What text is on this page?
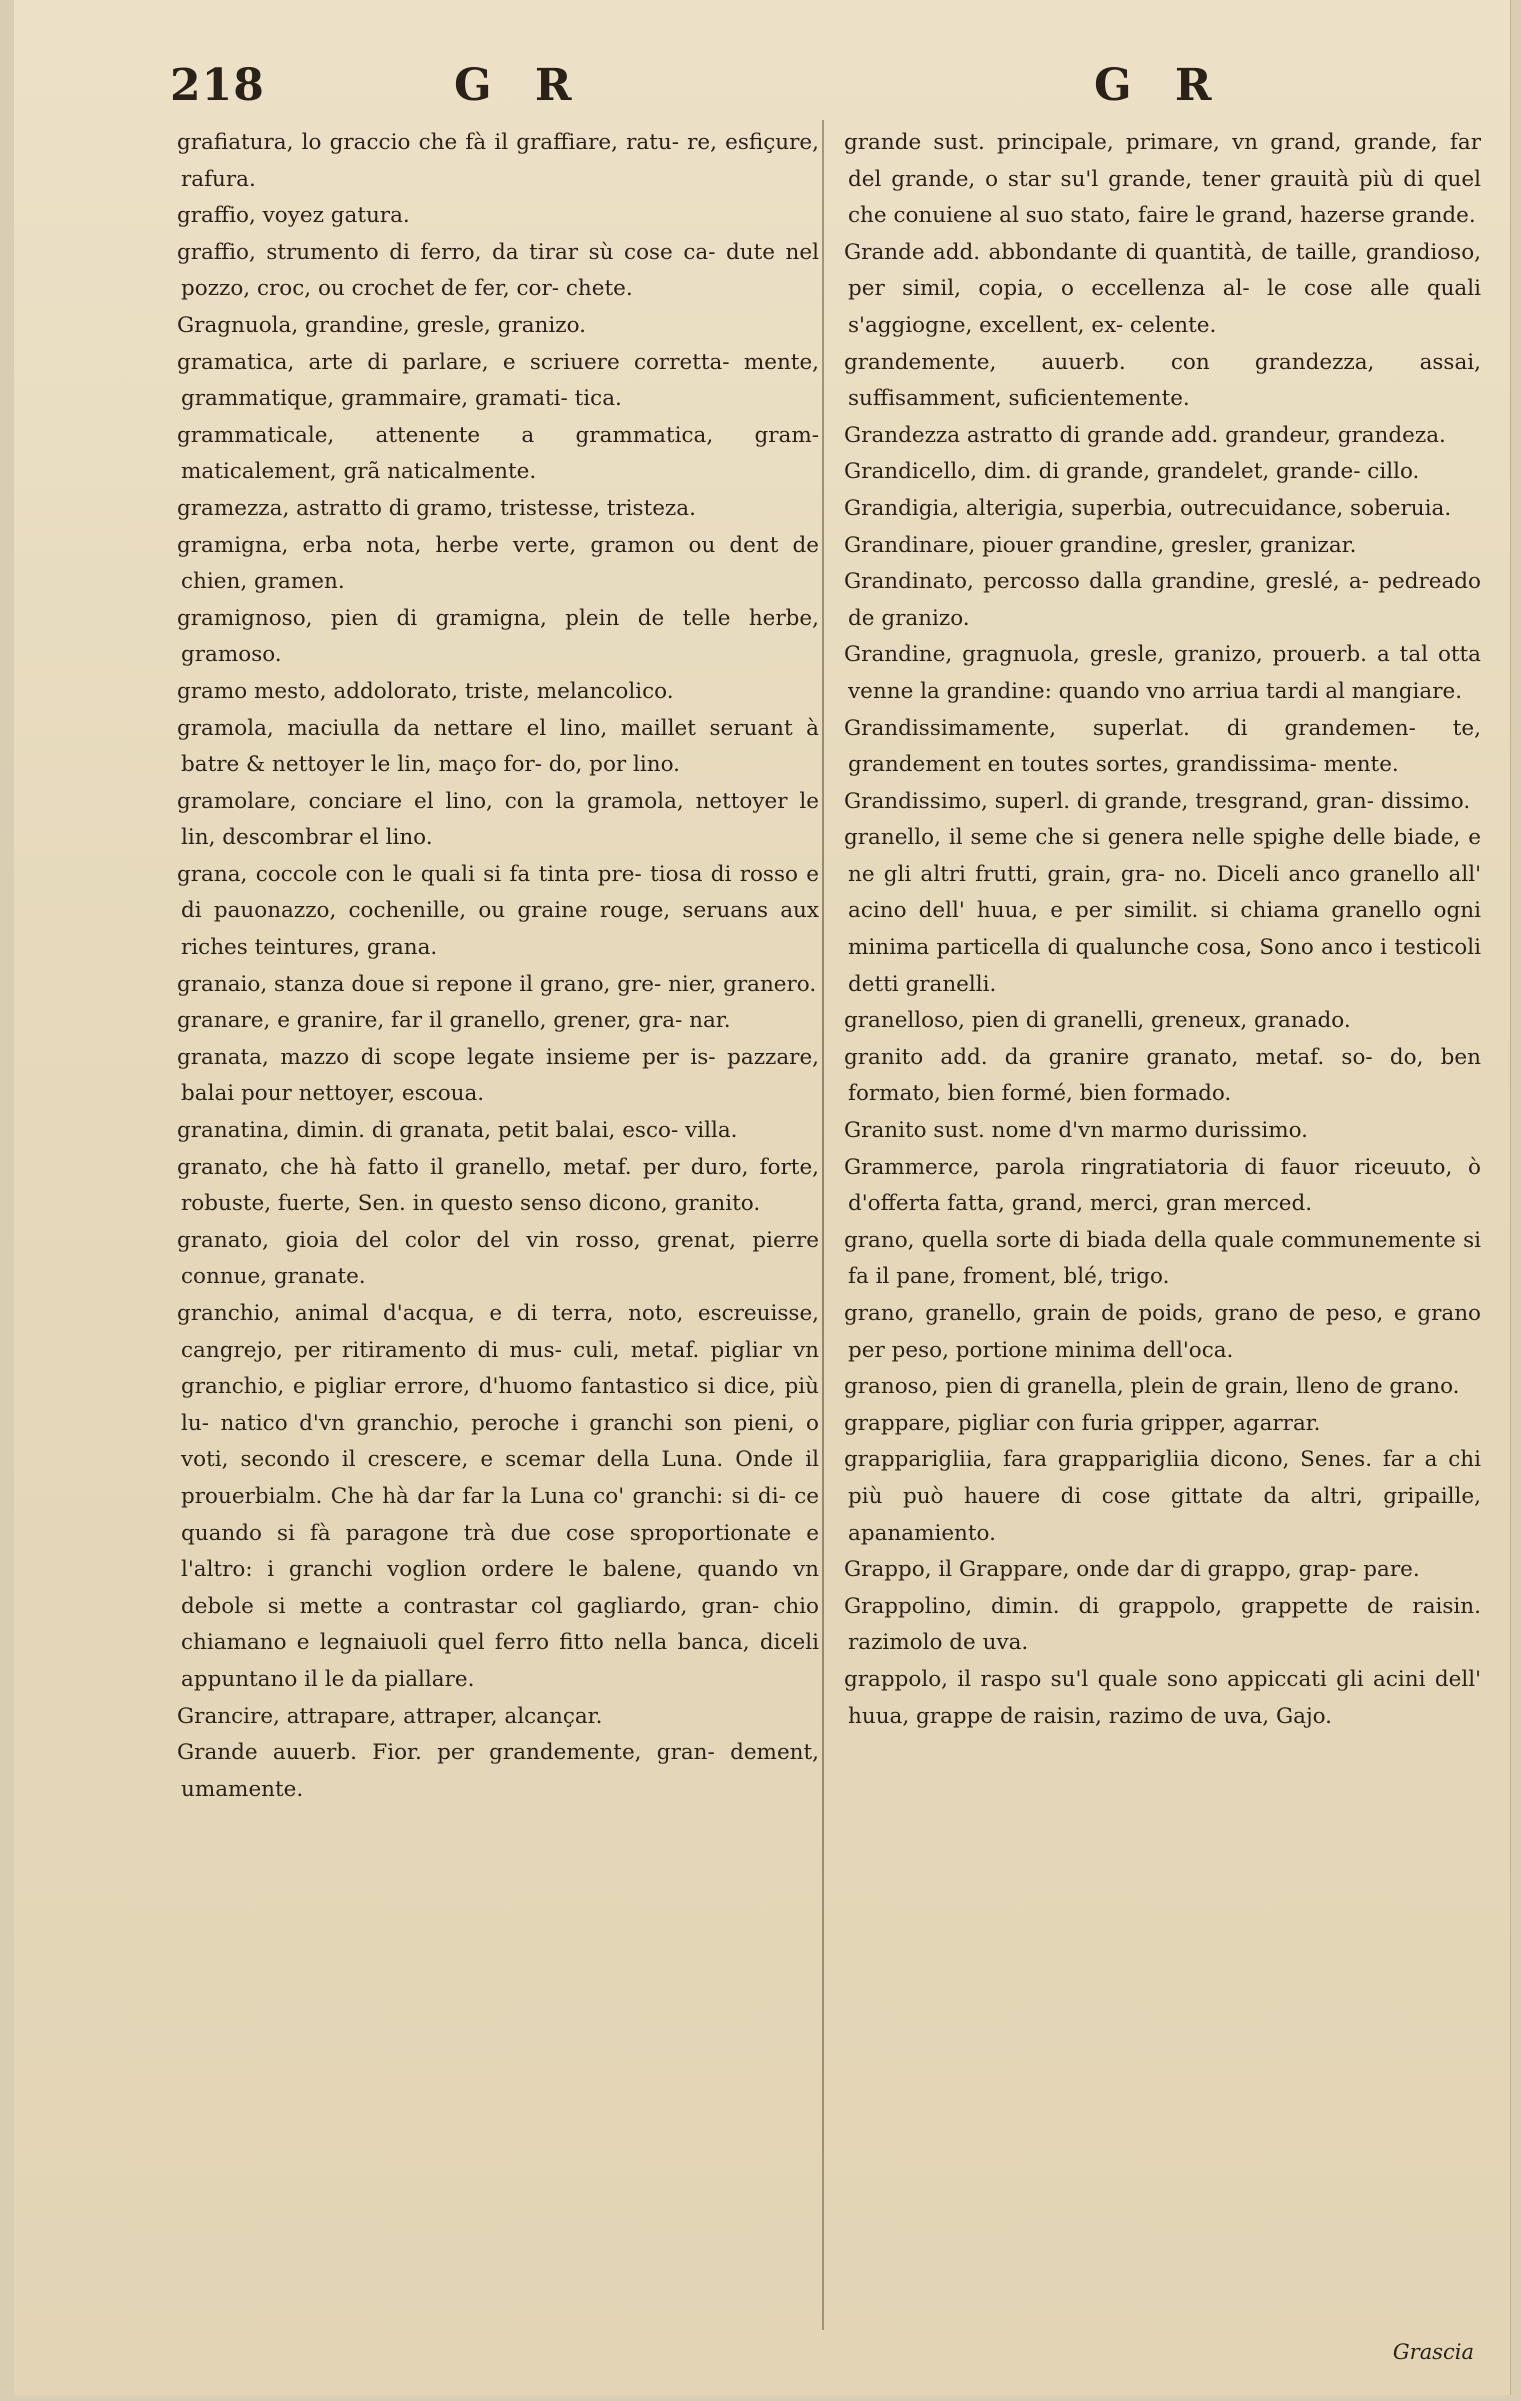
218	G R	G R

grafiatura, lo graccio che fà il graffiare, ratu- re, esfiçure, rafura.

graffio, voyez gatura.

graffio, strumento di ferro, da tirar sù cose ca- dute nel pozzo, croc, ou crochet de fer, cor- chete.

Gragnuola, grandine, gresle, granizo.

gramatica, arte di parlare, e scriuere corretta- mente, grammatique, grammaire, gramati- tica.

grammaticale, attenente a grammatica, gram- maticalement, grã naticalmente.

gramezza, astratto di gramo, tristesse, tristeza.

gramigna, erba nota, herbe verte, gramon ou dent de chien, gramen.

gramignoso, pien di gramigna, plein de telle herbe, gramoso.

gramo mesto, addolorato, triste, melancolico.

gramola, maciulla da nettare el lino, maillet seruant à batre & nettoyer le lin, maço for- do, por lino.

gramolare, conciare el lino, con la gramola, nettoyer le lin, descombrar el lino.

grana, coccole con le quali si fa tinta pre- tiosa di rosso e di pauonazzo, cochenille, ou graine rouge, seruans aux riches teintures, grana.

granaio, stanza doue si repone il grano, gre- nier, granero.

granare, e granire, far il granello, grener, gra- nar.

granata, mazzo di scope legate insieme per is- pazzare, balai pour nettoyer, escoua.

granatina, dimin. di granata, petit balai, esco- villa.

granato, che hà fatto il granello, metaf. per duro, forte, robuste, fuerte, Sen. in questo senso dicono, granito.

granato, gioia del color del vin rosso, grenat, pierre connue, granate.

granchio, animal d'acqua, e di terra, noto, escreuisse, cangrejo, per ritiramento di mus- culi, metaf. pigliar vn granchio, e pigliar errore, d'huomo fantastico si dice, più lu- natico d'vn granchio, peroche i granchi son pieni, o voti, secondo il crescere, e scemar della Luna. Onde il prouerbialm. Che hà dar far la Luna co' granchi: si di- ce quando si fà paragone trà due cose sproportionate e l'altro: i granchi voglion ordere le balene, quando vn debole si mette a contrastar col gagliardo, gran- chio chiamano e legnaiuoli quel ferro fitto nella banca, diceli appuntano il le da piallare.

Grancire, attrapare, attraper, alcançar.

Grande auuerb. Fior. per grandemente, gran- dement, umamente.

grande sust. principale, primare, vn grand, grande, far del grande, o star su'l grande, tener grauità più di quel che conuiene al suo stato, faire le grand, hazerse grande.

Grande add. abbondante di quantità, de taille, grandioso, per simil, copia, o eccellenza al- le cose alle quali s'aggiogne, excellent, ex- celente.

grandemente, auuerb. con grandezza, assai, suffisamment, suficientemente.

Grandezza astratto di grande add. grandeur, grandeza.

Grandicello, dim. di grande, grandelet, grande- cillo.

Grandigia, alterigia, superbia, outrecuidance, soberuia.

Grandinare, piouer grandine, gresler, granizar.

Grandinato, percosso dalla grandine, greslé, a- pedreado de granizo.

Grandine, gragnuola, gresle, granizo, prouerb. a tal otta venne la grandine: quando vno arriua tardi al mangiare.

Grandissimamente, superlat. di grandemen- te, grandement en toutes sortes, grandissima- mente.

Grandissimo, superl. di grande, tresgrand, gran- dissimo.

granello, il seme che si genera nelle spighe delle biade, e ne gli altri frutti, grain, gra- no. Diceli anco granello all' acino dell' huua, e per similit. si chiama granello ogni minima particella di qualunche cosa, Sono anco i testicoli detti granelli.

granelloso, pien di granelli, greneux, granado.

granito add. da granire granato, metaf. so- do, ben formato, bien formé, bien formado.

Granito sust. nome d'vn marmo durissimo.

Grammerce, parola ringratiatoria di fauor riceuuto, ò d'offerta fatta, grand, merci, gran merced.

grano, quella sorte di biada della quale communemente si fa il pane, froment, blé, trigo.

grano, granello, grain de poids, grano de peso, e grano per peso, portione minima dell'oca.

granoso, pien di granella, plein de grain, lleno de grano.

grappare, pigliar con furia gripper, agarrar.

grapparigliia, fara grapparigliia dicono, Senes. far a chi più può hauere di cose gittate da altri, gripaille, apanamiento.

Grappo, il Grappare, onde dar di grappo, grap- pare.

Grappolino, dimin. di grappolo, grappette de raisin. razimolo de uva.

grappolo, il raspo su'l quale sono appiccati gli acini dell' huua, grappe de raisin, razimo de uva, Gajo.

Grascia
